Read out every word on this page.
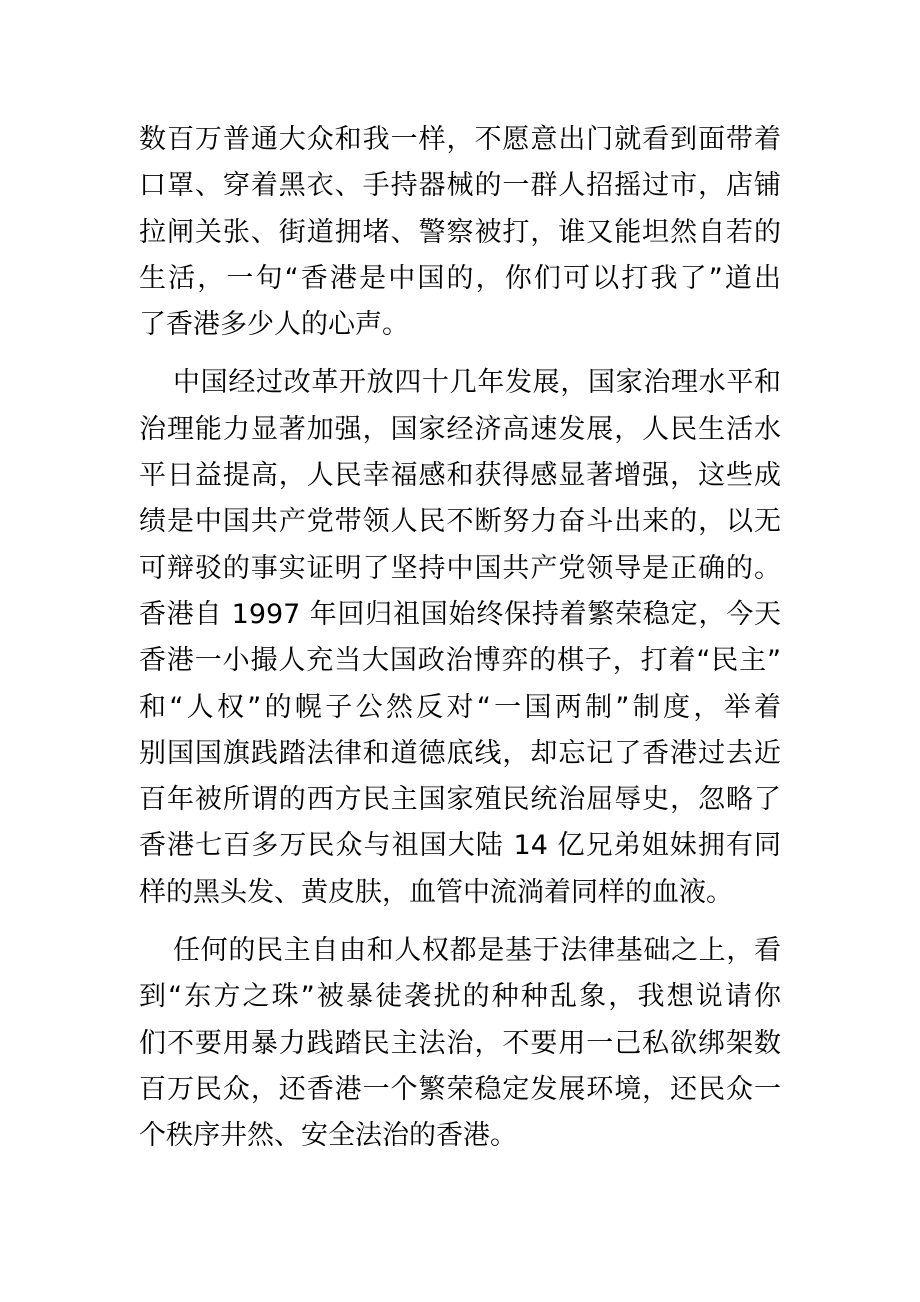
数百万普通大众和我一样，不愿意出门就看到面带着
口罩、穿着黑衣、手持器械的一群人招摇过市，店铺
拉闸关张、街道拥堵、警察被打，谁又能坦然自若的
生活，一句“香港是中国的，你们可以打我了”道出
了香港多少人的心声。
中国经过改革开放四十几年发展，国家治理水平和
治理能力显著加强，国家经济高速发展，人民生活水
平日益提高，人民幸福感和获得感显著增强，这些成
绩是中国共产党带领人民不断努力奋斗出来的，以无
可辩驳的事实证明了坚持中国共产党领导是正确的。
香港自 1997 年回归祖国始终保持着繁荣稳定，今天
香港一小撮人充当大国政治博弈的棋子，打着“民主”
和“人权”的幌子公然反对“一国两制”制度，举着
别国国旗践踏法律和道德底线，却忘记了香港过去近
百年被所谓的西方民主国家殖民统治屈辱史，忽略了
香港七百多万民众与祖国大陆 14 亿兄弟姐妹拥有同
样的黑头发、黄皮肤，血管中流淌着同样的血液。
任何的民主自由和人权都是基于法律基础之上，看
到“东方之珠”被暴徒袭扰的种种乱象，我想说请你
们不要用暴力践踏民主法治，不要用一己私欲绑架数
百万民众，还香港一个繁荣稳定发展环境，还民众一
个秩序井然、安全法治的香港。
